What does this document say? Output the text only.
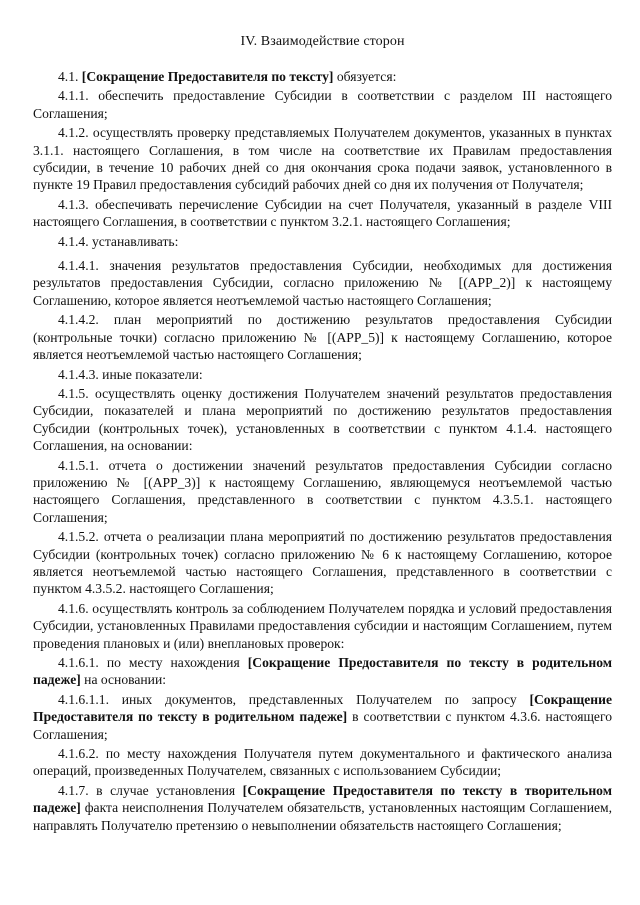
IV. Взаимодействие сторон

4.1. [Сокращение Предоставителя по тексту] обязуется:

4.1.1. обеспечить предоставление Субсидии в соответствии с разделом III настоящего Соглашения;

4.1.2. осуществлять проверку представляемых Получателем документов, указанных в пунктах 3.1.1. настоящего Соглашения, в том числе на соответствие их Правилам предоставления субсидии, в течение 10 рабочих дней со дня окончания срока подачи заявок, установленного в пункте 19 Правил предоставления субсидий рабочих дней со дня их получения от Получателя;

4.1.3. обеспечивать перечисление Субсидии на счет Получателя, указанный в разделе VIII настоящего Соглашения, в соответствии с пунктом 3.2.1. настоящего Соглашения;

4.1.4. устанавливать:

4.1.4.1. значения результатов предоставления Субсидии, необходимых для достижения результатов предоставления Субсидии, согласно приложению № [(APP_2)] к настоящему Соглашению, которое является неотъемлемой частью настоящего Соглашения;

4.1.4.2. план мероприятий по достижению результатов предоставления Субсидии (контрольные точки) согласно приложению № [(APP_5)] к настоящему Соглашению, которое является неотъемлемой частью настоящего Соглашения;

4.1.4.3. иные показатели:

4.1.5. осуществлять оценку достижения Получателем значений результатов предоставления Субсидии, показателей и плана мероприятий по достижению результатов предоставления Субсидии (контрольных точек), установленных в соответствии с пунктом 4.1.4. настоящего Соглашения, на основании:

4.1.5.1. отчета о достижении значений результатов предоставления Субсидии согласно приложению № [(APP_3)] к настоящему Соглашению, являющемуся неотъемлемой частью настоящего Соглашения, представленного в соответствии с пунктом 4.3.5.1. настоящего Соглашения;

4.1.5.2. отчета о реализации плана мероприятий по достижению результатов предоставления Субсидии (контрольных точек) согласно приложению № 6 к настоящему Соглашению, которое является неотъемлемой частью настоящего Соглашения, представленного в соответствии с пунктом 4.3.5.2. настоящего Соглашения;

4.1.6. осуществлять контроль за соблюдением Получателем порядка и условий предоставления Субсидии, установленных Правилами предоставления субсидии и настоящим Соглашением, путем проведения плановых и (или) внеплановых проверок:

4.1.6.1. по месту нахождения [Сокращение Предоставителя по тексту в родительном падеже] на основании:

4.1.6.1.1. иных документов, представленных Получателем по запросу [Сокращение Предоставителя по тексту в родительном падеже] в соответствии с пунктом 4.3.6. настоящего Соглашения;

4.1.6.2. по месту нахождения Получателя путем документального и фактического анализа операций, произведенных Получателем, связанных с использованием Субсидии;

4.1.7. в случае установления [Сокращение Предоставителя по тексту в творительном падеже] факта неисполнения Получателем обязательств, установленных настоящим Соглашением, направлять Получателю претензию о невыполнении обязательств настоящего Соглашения;
